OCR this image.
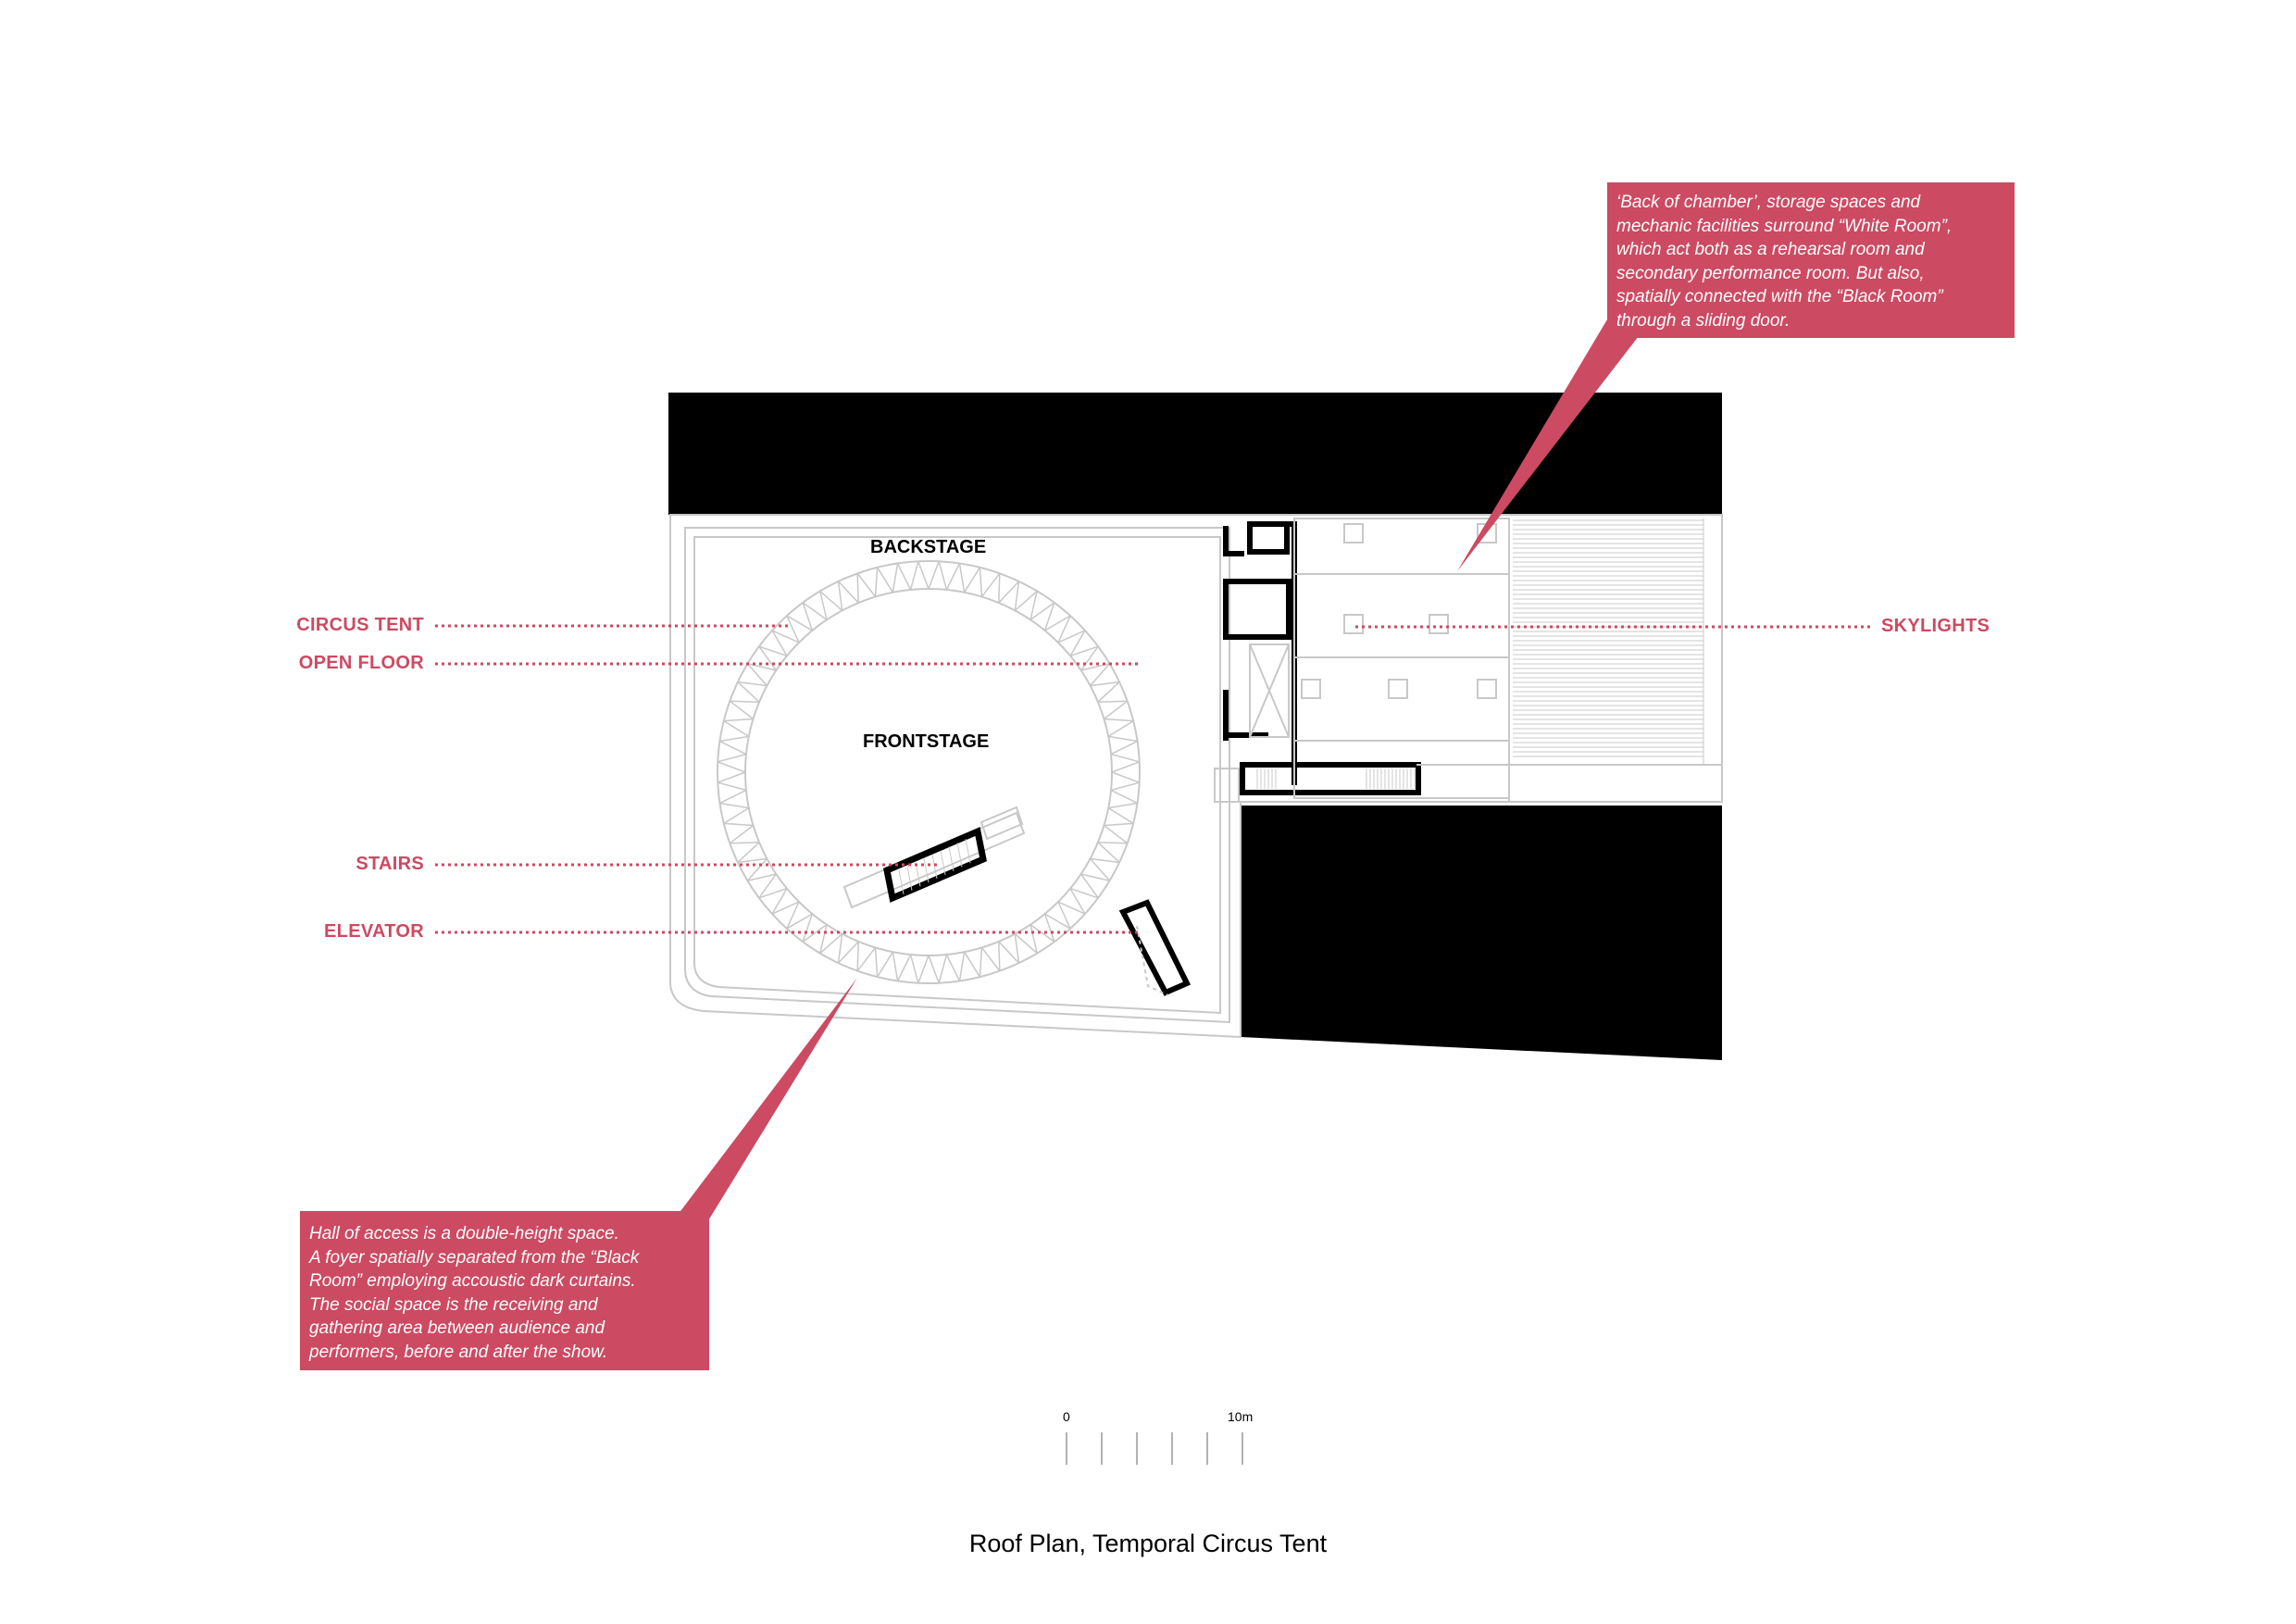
BACKSTAGE
FRONTSTAGE
CIRCUS TENT
OPEN FLOOR
STAIRS
ELEVATOR
SKYLIGHTS

‘Back of chamber’, storage spaces and

mechanic facilities surround “White Room”,

which act both as a rehearsal room and

secondary performance room. But also,

spatially connected with the “Black Room”

through a sliding door.

Hall of access is a double-height space.

A foyer spatially separated from the “Black

Room” employing accoustic dark curtains.

The social space is the receiving and

gathering area between audience and

performers, before and after the show.

0	10m
Roof Plan, Temporal Circus Tent
